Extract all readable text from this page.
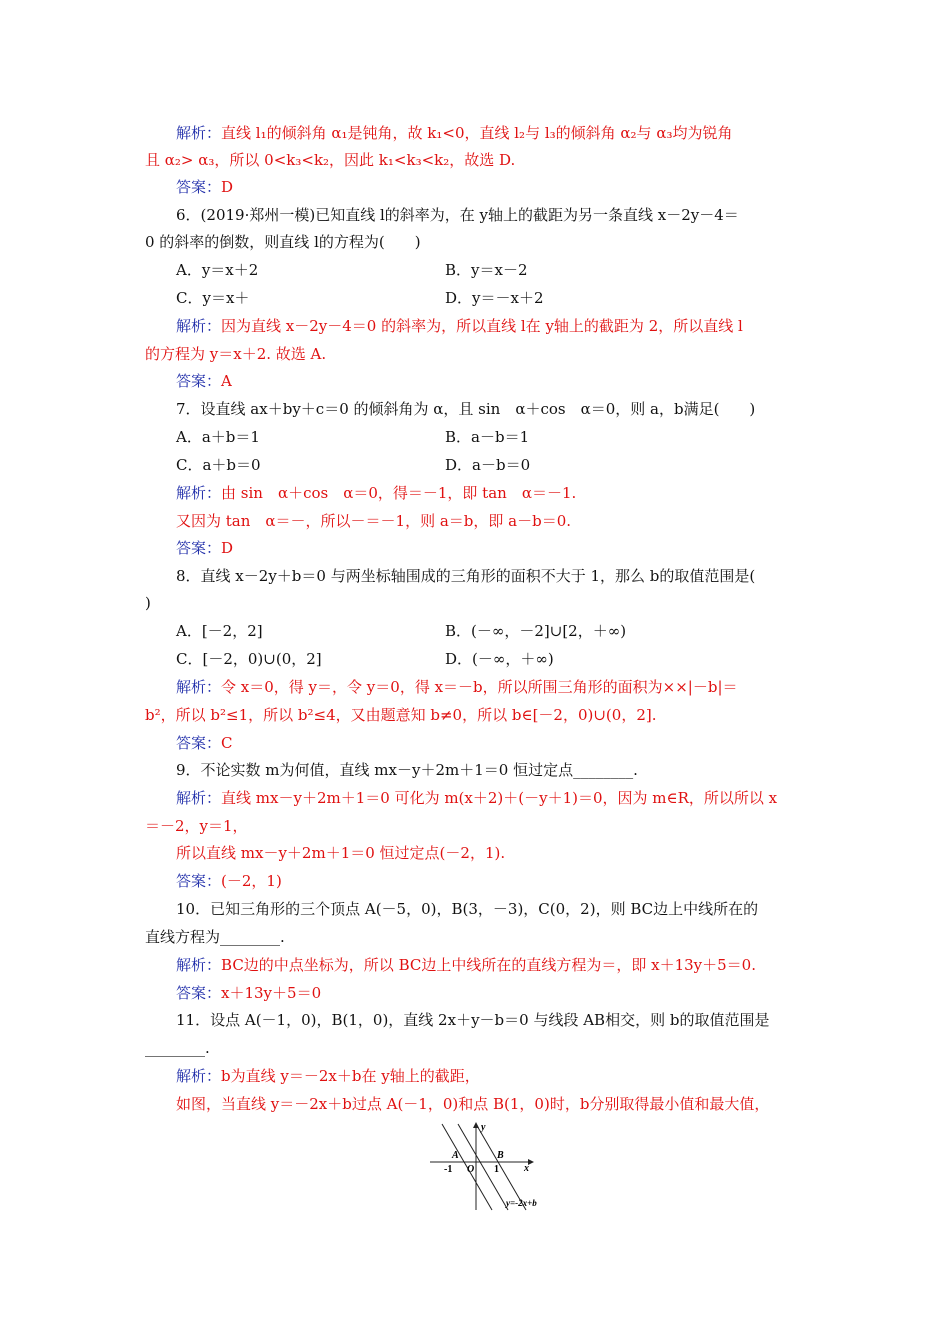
解析：直线 l₁的倾斜角 α₁是钝角，故 k₁<0，直线 l₂与 l₃的倾斜角 α₂与 α₃均为锐角
且 α₂> α₃，所以 0<k₃<k₂，因此 k₁<k₃<k₂，故选 D.
答案：D
6．(2019·郑州一模)已知直线 l的斜率为，在 y轴上的截距为另一条直线 x－2y－4＝
0 的斜率的倒数，则直线 l的方程为(　　)
A．y＝x＋2	B．y＝x－2
C．y＝x＋	D．y＝－x＋2
解析：因为直线 x－2y－4＝0 的斜率为，所以直线 l在 y轴上的截距为 2，所以直线 l
的方程为 y＝x＋2. 故选 A.
答案：A
7．设直线 ax＋by＋c＝0 的倾斜角为 α，且 sin　α＋cos　α＝0，则 a，b满足(　　)
A．a＋b＝1	B．a－b＝1
C．a＋b＝0	D．a－b＝0
解析：由 sin　α＋cos　α＝0，得＝－1，即 tan　α＝－1.
又因为 tan　α＝－，所以－＝－1，则 a＝b，即 a－b＝0.
答案：D
8．直线 x－2y＋b＝0 与两坐标轴围成的三角形的面积不大于 1，那么 b的取值范围是(
)
A．[－2，2]	B．(－∞，－2]∪[2，＋∞)
C．[－2，0)∪(0，2]	D．(－∞，＋∞)
解析：令 x＝0，得 y＝，令 y＝0，得 x＝－b，所以所围三角形的面积为××|－b|＝
b²，所以 b²≤1，所以 b²≤4，又由题意知 b≠0，所以 b∈[－2，0)∪(0，2].
答案：C
9．不论实数 m为何值，直线 mx－y＋2m＋1＝0 恒过定点________.
解析：直线 mx－y＋2m＋1＝0 可化为 m(x＋2)＋(－y＋1)＝0，因为 m∈R，所以所以 x
＝－2，y＝1，
所以直线 mx－y＋2m＋1＝0 恒过定点(－2，1).
答案：(－2，1)
10．已知三角形的三个顶点 A(－5，0)，B(3，－3)，C(0，2)，则 BC边上中线所在的
直线方程为________.
解析：BC边的中点坐标为，所以 BC边上中线所在的直线方程为＝，即 x＋13y＋5＝0.
答案：x＋13y＋5＝0
11．设点 A(－1，0)，B(1，0)，直线 2x＋y－b＝0 与线段 AB相交，则 b的取值范围是
________.
解析：b为直线 y＝－2x＋b在 y轴上的截距，
如图，当直线 y＝－2x＋b过点 A(－1，0)和点 B(1，0)时，b分别取得最小值和最大值，
y
x
A	B
O
-1	1
y=-2x+b
